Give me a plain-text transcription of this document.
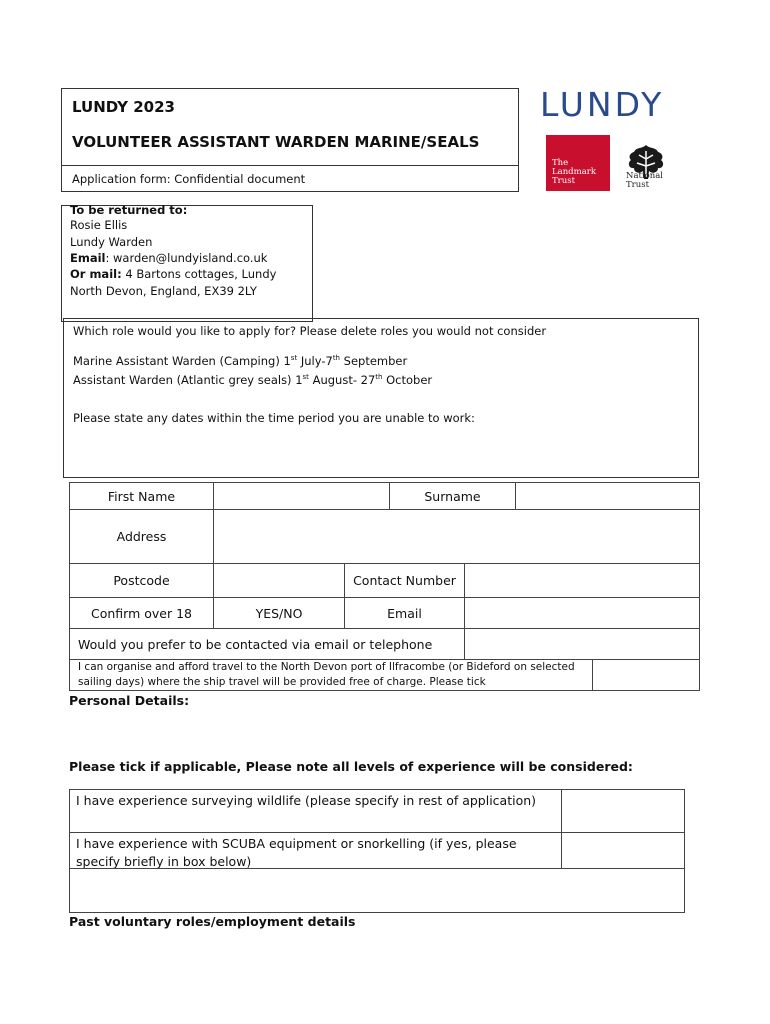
LUNDY 2023
VOLUNTEER ASSISTANT WARDEN MARINE/SEALS
Application form: Confidential document
LUNDY
The
Landmark
Trust	National
Trust
To be returned to:
Rosie Ellis
Lundy Warden
Email: warden@lundyisland.co.uk
Or mail: 4 Bartons cottages, Lundy
North Devon, England, EX39 2LY
Which role would you like to apply for? Please delete roles you would not consider
Marine Assistant Warden (Camping) 1st July-7th September
Assistant Warden (Atlantic grey seals) 1st August- 27th October
Please state any dates within the time period you are unable to work:
First Name	Surname
Address
Postcode	Contact Number
Confirm over 18	YES/NO	Email
Would you prefer to be contacted via email or telephone
I can organise and afford travel to the North Devon port of Ilfracombe (or Bideford on selected sailing days) where the ship travel will be provided free of charge. Please tick
Personal Details:
Please tick if applicable, Please note all levels of experience will be considered:
I have experience surveying wildlife (please specify in rest of application)
I have experience with SCUBA equipment or snorkelling (if yes, please specify briefly in box below)
Past voluntary roles/employment details
